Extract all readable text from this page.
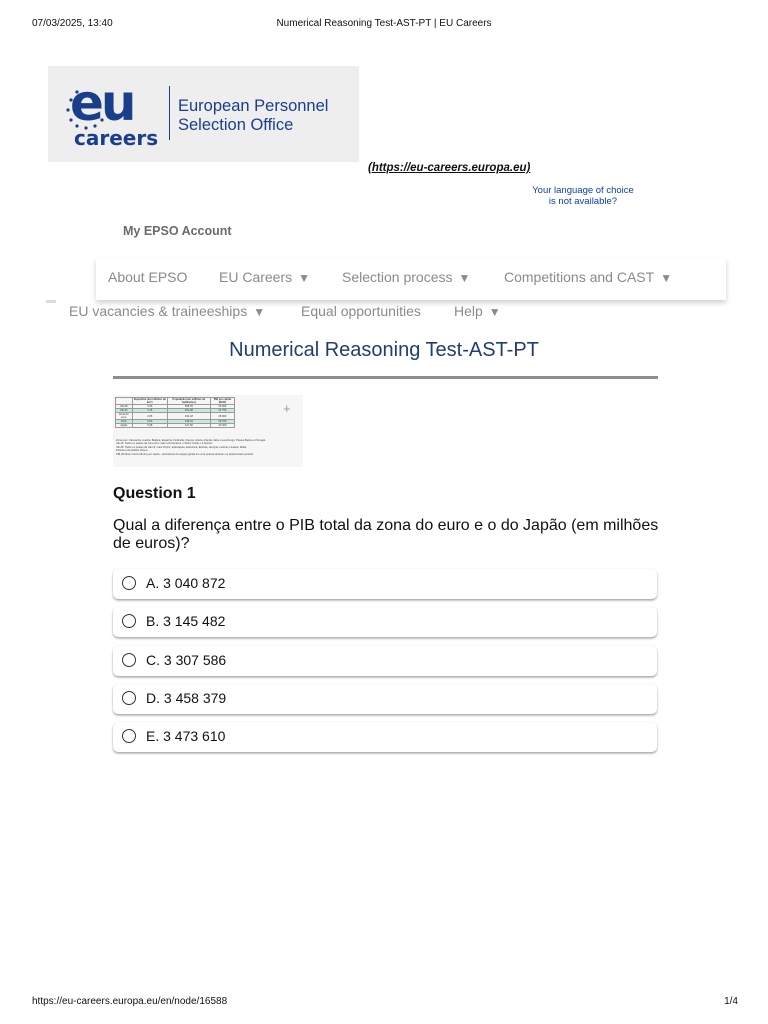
07/03/2025, 13:40	Numerical Reasoning Test-AST-PT | EU Careers
eu
careers
European Personnel
Selection Office
(https://eu-careers.europa.eu)
Your language of choice
is not available?
My EPSO Account
About EPSO EU Careers ▼ Selection process ▼ Competitions and CAST ▼
EU vacancies & traineeships ▼	Equal opportunities Help ▼
Numerical Reasoning Test-AST-PT
	Superfície (em milhões de km²)	População (em milhões de habitantes)	PIB per capita (EUR)
UE-28	4,46	508,45	25 900
UE-15	3,15	402,38	31 700
Zona do euro	2,86	332,18	28 900
EUA	9,63	318,23	39 700
Japão	0,38	127,60	30 300
Zona euro: Alemanha, Áustria, Bélgica, Espanha, Finlândia, França, Grécia, Irlanda, Itália, Luxemburgo, Países Baixos e Portugal.
UE-15: Todos os países da zona euro mais a Dinamarca, o Reino Unido e a Suécia.
UE-28: Todos os países da UE-15, mais Chipre, Eslováquia, Eslovénia, Estónia, Hungria, Letónia, Lituânia, Malta,
Polónia e República Checa.
PIB (Produto Interno Bruto) per capita - estimativas do espaço global em uma pessoa durante um determinado período.
+
Question 1
Qual a diferença entre o PIB total da zona do euro e o do Japão (em milhões de euros)?
A. 3 040 872
B. 3 145 482
C. 3 307 586
D. 3 458 379
E. 3 473 610
https://eu-careers.europa.eu/en/node/16588	1/4
